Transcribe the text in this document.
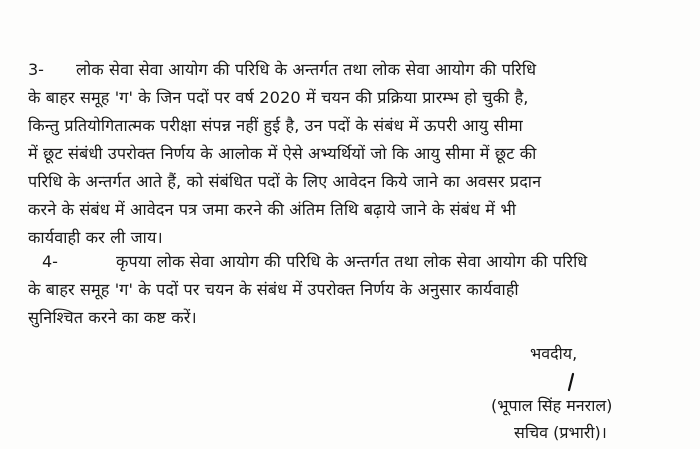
3- लोक सेवा सेवा आयोग की परिधि के अन्तर्गत तथा लोक सेवा आयोग की परिधि
के बाहर समूह 'ग' के जिन पदों पर वर्ष 2020 में चयन की प्रक्रिया प्रारम्भ हो चुकी है,
किन्तु प्रतियोगितात्मक परीक्षा संपन्न नहीं हुई है, उन पदों के संबंध में ऊपरी आयु सीमा
में छूट संबंधी उपरोक्त निर्णय के आलोक में ऐसे अभ्यर्थियों जो कि आयु सीमा में छूट की
परिधि के अन्तर्गत आते हैं, को संबंधित पदों के लिए आवेदन किये जाने का अवसर प्रदान
करने के संबंध में आवेदन पत्र जमा करने की अंतिम तिथि बढ़ाये जाने के संबंध में भी
कार्यवाही कर ली जाय।
4-	कृपया लोक सेवा आयोग की परिधि के अन्तर्गत तथा लोक सेवा आयोग की परिधि
के बाहर समूह 'ग' के पदों पर चयन के संबंध में उपरोक्त निर्णय के अनुसार कार्यवाही
सुनिश्चित करने का कष्ट करें।
भवदीय,
(भूपाल सिंह मनराल)
सचिव (प्रभारी)।
